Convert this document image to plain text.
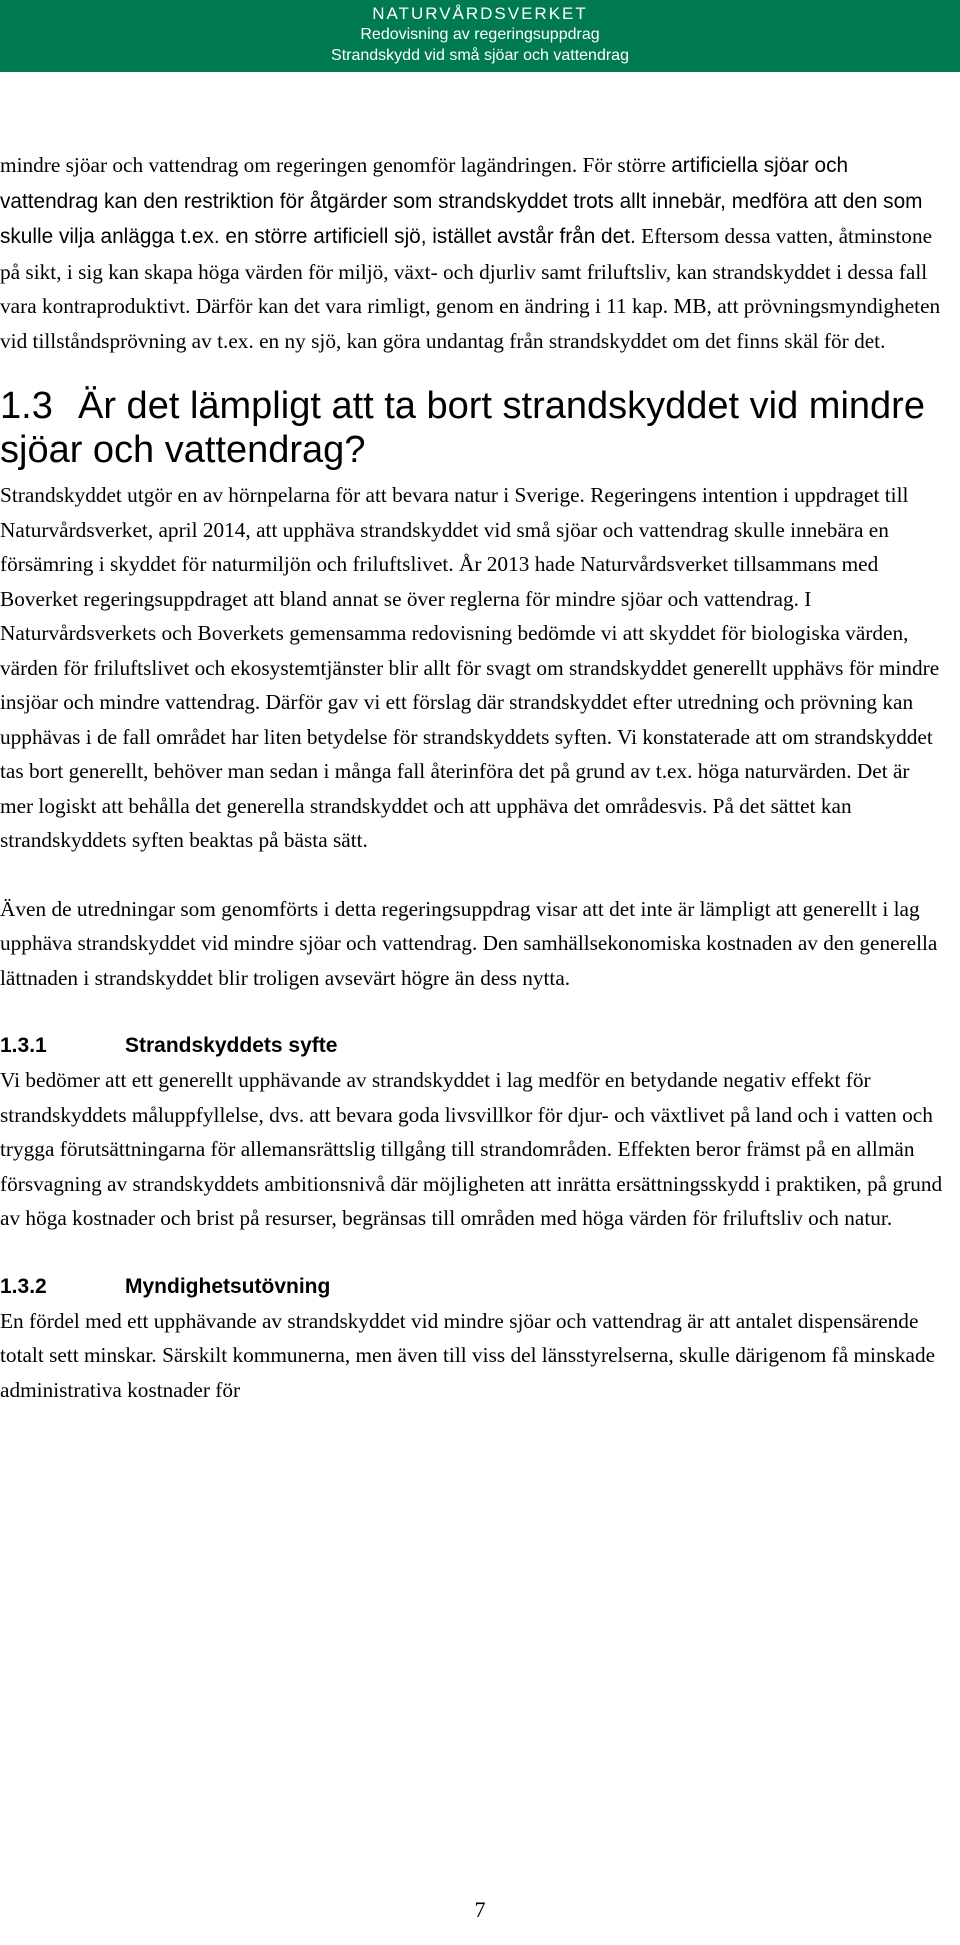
NATURVÅRDSVERKET
Redovisning av regeringsuppdrag
Strandskydd vid små sjöar och vattendrag

mindre sjöar och vattendrag om regeringen genomför lagändringen. För större artificiella sjöar och vattendrag kan den restriktion för åtgärder som strandskyddet trots allt innebär, medföra att den som skulle vilja anlägga t.ex. en större artificiell sjö, istället avstår från det. Eftersom dessa vatten, åtminstone på sikt, i sig kan skapa höga värden för miljö, växt- och djurliv samt friluftsliv, kan strandskyddet i dessa fall vara kontraproduktivt. Därför kan det vara rimligt, genom en ändring i 11 kap. MB, att prövningsmyndigheten vid tillståndsprövning av t.ex. en ny sjö, kan göra undantag från strandskyddet om det finns skäl för det.

1.3 Är det lämpligt att ta bort strandskyddet vid mindre sjöar och vattendrag?

Strandskyddet utgör en av hörnpelarna för att bevara natur i Sverige. Regeringens intention i uppdraget till Naturvårdsverket, april 2014, att upphäva strandskyddet vid små sjöar och vattendrag skulle innebära en försämring i skyddet för naturmiljön och friluftslivet. År 2013 hade Naturvårdsverket tillsammans med Boverket regeringsuppdraget att bland annat se över reglerna för mindre sjöar och vattendrag. I Naturvårdsverkets och Boverkets gemensamma redovisning bedömde vi att skyddet för biologiska värden, värden för friluftslivet och ekosystemtjänster blir allt för svagt om strandskyddet generellt upphävs för mindre insjöar och mindre vattendrag. Därför gav vi ett förslag där strandskyddet efter utredning och prövning kan upphävas i de fall området har liten betydelse för strandskyddets syften. Vi konstaterade att om strandskyddet tas bort generellt, behöver man sedan i många fall återinföra det på grund av t.ex. höga naturvärden. Det är mer logiskt att behålla det generella strandskyddet och att upphäva det områdesvis. På det sättet kan strandskyddets syften beaktas på bästa sätt.

Även de utredningar som genomförts i detta regeringsuppdrag visar att det inte är lämpligt att generellt i lag upphäva strandskyddet vid mindre sjöar och vattendrag. Den samhällsekonomiska kostnaden av den generella lättnaden i strandskyddet blir troligen avsevärt högre än dess nytta.

1.3.1	Strandskyddets syfte

Vi bedömer att ett generellt upphävande av strandskyddet i lag medför en betydande negativ effekt för strandskyddets måluppfyllelse, dvs. att bevara goda livsvillkor för djur- och växtlivet på land och i vatten och trygga förutsättningarna för allemansrättslig tillgång till strandområden. Effekten beror främst på en allmän försvagning av strandskyddets ambitionsnivå där möjligheten att inrätta ersättningsskydd i praktiken, på grund av höga kostnader och brist på resurser, begränsas till områden med höga värden för friluftsliv och natur.

1.3.2	Myndighetsutövning

En fördel med ett upphävande av strandskyddet vid mindre sjöar och vattendrag är att antalet dispensärende totalt sett minskar. Särskilt kommunerna, men även till viss del länsstyrelserna, skulle därigenom få minskade administrativa kostnader för

7
